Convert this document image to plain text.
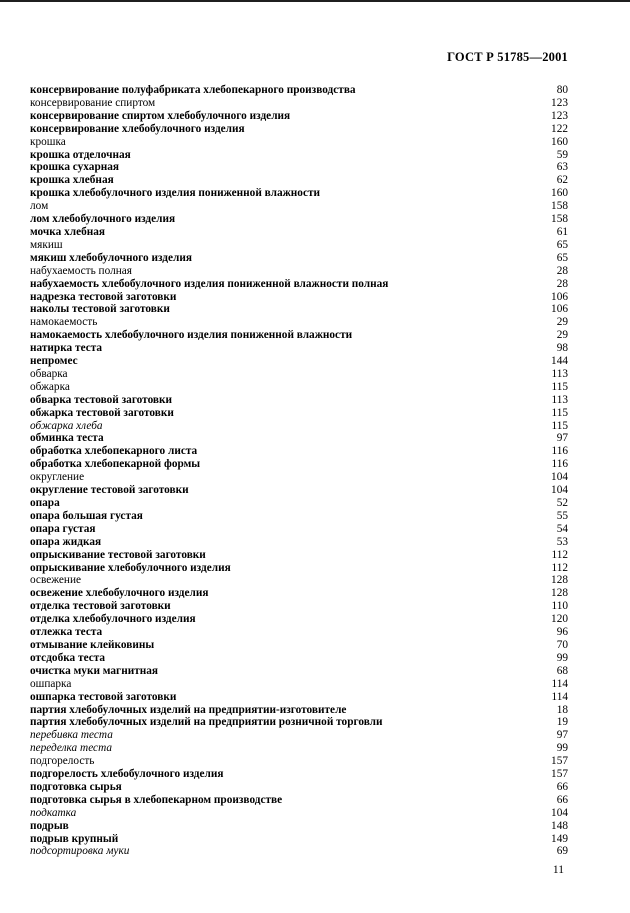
ГОСТ Р 51785—2001
консервирование полуфабриката хлебопекарного производства	80
консервирование спиртом	123
консервирование спиртом хлебобулочного изделия	123
консервирование хлебобулочного изделия	122
крошка	160
крошка отделочная	59
крошка сухарная	63
крошка хлебная	62
крошка хлебобулочного изделия пониженной влажности	160
лом	158
лом хлебобулочного изделия	158
мочка хлебная	61
мякиш	65
мякиш хлебобулочного изделия	65
набухаемость полная	28
набухаемость хлебобулочного изделия пониженной влажности полная	28
надрезка тестовой заготовки	106
наколы тестовой заготовки	106
намокаемость	29
намокаемость хлебобулочного изделия пониженной влажности	29
натирка теста	98
непромес	144
обварка	113
обжарка	115
обварка тестовой заготовки	113
обжарка тестовой заготовки	115
обжарка хлеба	115
обминка теста	97
обработка хлебопекарного листа	116
обработка хлебопекарной формы	116
округление	104
округление тестовой заготовки	104
опара	52
опара большая густая	55
опара густая	54
опара жидкая	53
опрыскивание тестовой заготовки	112
опрыскивание хлебобулочного изделия	112
освежение	128
освежение хлебобулочного изделия	128
отделка тестовой заготовки	110
отделка хлебобулочного изделия	120
отлежка теста	96
отмывание клейковины	70
отсдобка теста	99
очистка муки магнитная	68
ошпарка	114
ошпарка тестовой заготовки	114
партия хлебобулочных изделий на предприятии-изготовителе	18
партия хлебобулочных изделий на предприятии розничной торговли	19
перебивка теста	97
переделка теста	99
подгорелость	157
подгорелость хлебобулочного изделия	157
подготовка сырья	66
подготовка сырья в хлебопекарном производстве	66
подкатка	104
подрыв	148
подрыв крупный	149
подсортировка муки	69
11
